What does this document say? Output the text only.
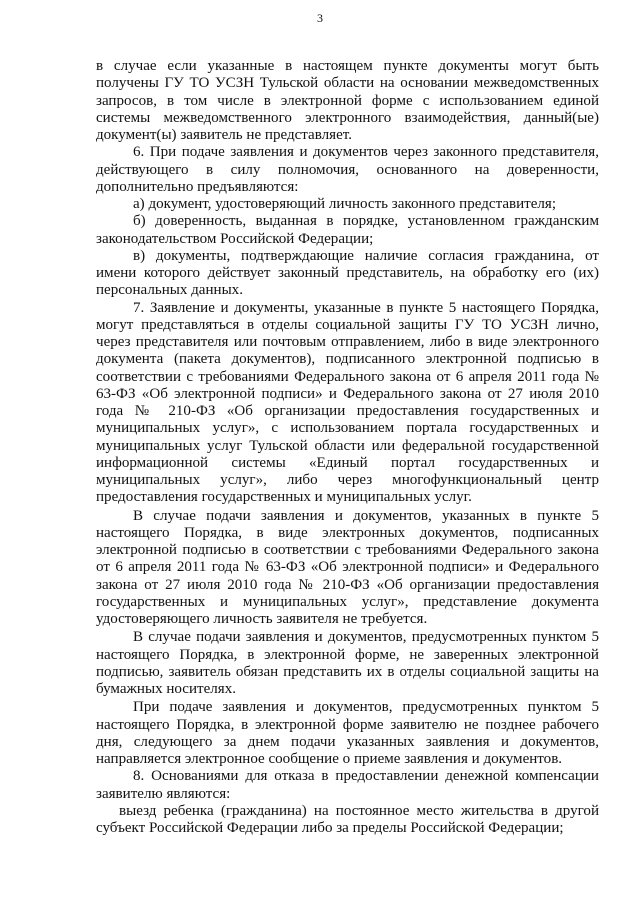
3

в случае если указанные в настоящем пункте документы могут быть получены ГУ ТО УСЗН Тульской области на основании межведомственных запросов, в том числе в электронной форме с использованием единой системы межведомственного электронного взаимодействия, данный(ые) документ(ы) заявитель не представляет.

6. При подаче заявления и документов через законного представителя, действующего в силу полномочия, основанного на доверенности, дополнительно предъявляются:

а) документ, удостоверяющий личность законного представителя;

б) доверенность, выданная в порядке, установленном гражданским законодательством Российской Федерации;

в) документы, подтверждающие наличие согласия гражданина, от имени которого действует законный представитель, на обработку его (их) персональных данных.

7. Заявление и документы, указанные в пункте 5 настоящего Порядка, могут представляться в отделы социальной защиты ГУ ТО УСЗН лично, через представителя или почтовым отправлением, либо в виде электронного документа (пакета документов), подписанного электронной подписью в соответствии с требованиями Федерального закона от 6 апреля 2011 года № 63-ФЗ «Об электронной подписи» и Федерального закона от 27 июля 2010 года № 210-ФЗ «Об организации предоставления государственных и муниципальных услуг», с использованием портала государственных и муниципальных услуг Тульской области или федеральной государственной информационной системы «Единый портал государственных и муниципальных услуг», либо через многофункциональный центр предоставления государственных и муниципальных услуг.

В случае подачи заявления и документов, указанных в пункте 5 настоящего Порядка, в виде электронных документов, подписанных электронной подписью в соответствии с требованиями Федерального закона от 6 апреля 2011 года № 63-ФЗ «Об электронной подписи» и Федерального закона от 27 июля 2010 года № 210-ФЗ «Об организации предоставления государственных и муниципальных услуг», представление документа удостоверяющего личность заявителя не требуется.

В случае подачи заявления и документов, предусмотренных пунктом 5 настоящего Порядка, в электронной форме, не заверенных электронной подписью, заявитель обязан представить их в отделы социальной защиты на бумажных носителях.

При подаче заявления и документов, предусмотренных пунктом 5 настоящего Порядка, в электронной форме заявителю не позднее рабочего дня, следующего за днем подачи указанных заявления и документов, направляется электронное сообщение о приеме заявления и документов.

8. Основаниями для отказа в предоставлении денежной компенсации заявителю являются:

выезд ребенка (гражданина) на постоянное место жительства в другой субъект Российской Федерации либо за пределы Российской Федерации;
